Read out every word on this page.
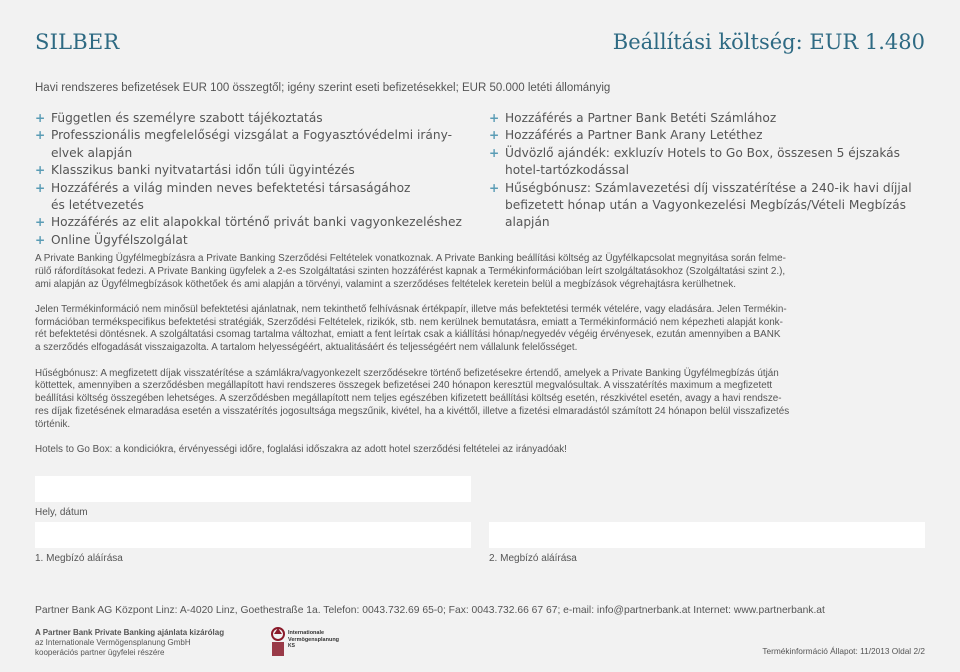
SILBER	Beállítási költség: EUR 1.480
Havi rendszeres befizetések EUR 100 összegtől; igény szerint eseti befizetésekkel; EUR 50.000 letéti állományig
+ Független és személyre szabott tájékoztatás
+ Professzionális megfelelőségi vizsgálat a Fogyasztóvédelmi irány-
elvek alapján
+ Klasszikus banki nyitvatartási időn túli ügyintézés
+ Hozzáférés a világ minden neves befektetési társaságához
és letétvezetés
+ Hozzáférés az elit alapokkal történő privát banki vagyonkezeléshez
+ Online Ügyfélszolgálat
+ Hozzáférés a Partner Bank Betéti Számlához
+ Hozzáférés a Partner Bank Arany Letéthez
+ Üdvözlő ajándék: exkluzív Hotels to Go Box, összesen 5 éjszakás
hotel-tartózkodással
+ Hűségbónusz: Számlavezetési díj visszatérítése a 240-ik havi díjjal
befizetett hónap után a Vagyonkezelési Megbízás/Vételi Megbízás
alapján

A Private Banking Ügyfélmegbízásra a Private Banking Szerződési Feltételek vonatkoznak. A Private Banking beállítási költség az Ügyfélkapcsolat megnyitása során felme-
rülő ráfordításokat fedezi. A Private Banking ügyfelek a 2-es Szolgáltatási szinten hozzáférést kapnak a Termékinformációban leírt szolgáltatásokhoz (Szolgáltatási szint 2.),
ami alapján az Ügyfélmegbízások köthetőek és ami alapján a törvényi, valamint a szerződéses feltételek keretein belül a megbízások végrehajtásra kerülhetnek.

Jelen Termékinformáció nem minősül befektetési ajánlatnak, nem tekinthető felhívásnak értékpapír, illetve más befektetési termék vételére, vagy eladására. Jelen Termékin-
formációban termékspecifikus befektetési stratégiák, Szerződési Feltételek, rizikók, stb. nem kerülnek bemutatásra, emiatt a Termékinformáció nem képezheti alapját konk-
rét befektetési döntésnek. A szolgáltatási csomag tartalma változhat, emiatt a fent leírtak csak a kiállítási hónap/negyedév végéig érvényesek, ezután amennyiben a BANK
a szerződés elfogadását visszaigazolta. A tartalom helyességéért, aktualitásáért és teljességéért nem vállalunk felelősséget.

Hűségbónusz: A megfizetett díjak visszatérítése a számlákra/vagyonkezelt szerződésekre történő befizetésekre értendő, amelyek a Private Banking Ügyfélmegbízás útján
köttettek, amennyiben a szerződésben megállapított havi rendszeres összegek befizetései 240 hónapon keresztül megvalósultak. A visszatérítés maximum a megfizetett
beállítási költség összegében lehetséges. A szerződésben megállapított nem teljes egészében kifizetett beállítási költség esetén, részkivétel esetén, avagy a havi rendsze-
res díjak fizetésének elmaradása esetén a visszatérítés jogosultsága megszűnik, kivétel, ha a kivéttől, illetve a fizetési elmaradástól számított 24 hónapon belül visszafizetés
történik.

Hotels to Go Box: a kondiciókra, érvényességi időre, foglalási időszakra az adott hotel szerződési feltételei az irányadóak!

Hely, dátum
1. Megbízó aláírása	2. Megbízó aláírása
Partner Bank AG Központ Linz: A-4020 Linz, Goethestraße 1a. Telefon: 0043.732.69 65-0; Fax: 0043.732.66 67 67; e-mail: info@partnerbank.at Internet: www.partnerbank.at
A Partner Bank Private Banking ajánlata kizárólag
az Internationale Vermögensplanung GmbH
kooperációs partner ügyfelei részére
Internationale
Vermögensplanung
KS	Termékinformáció Állapot: 11/2013 Oldal 2/2
